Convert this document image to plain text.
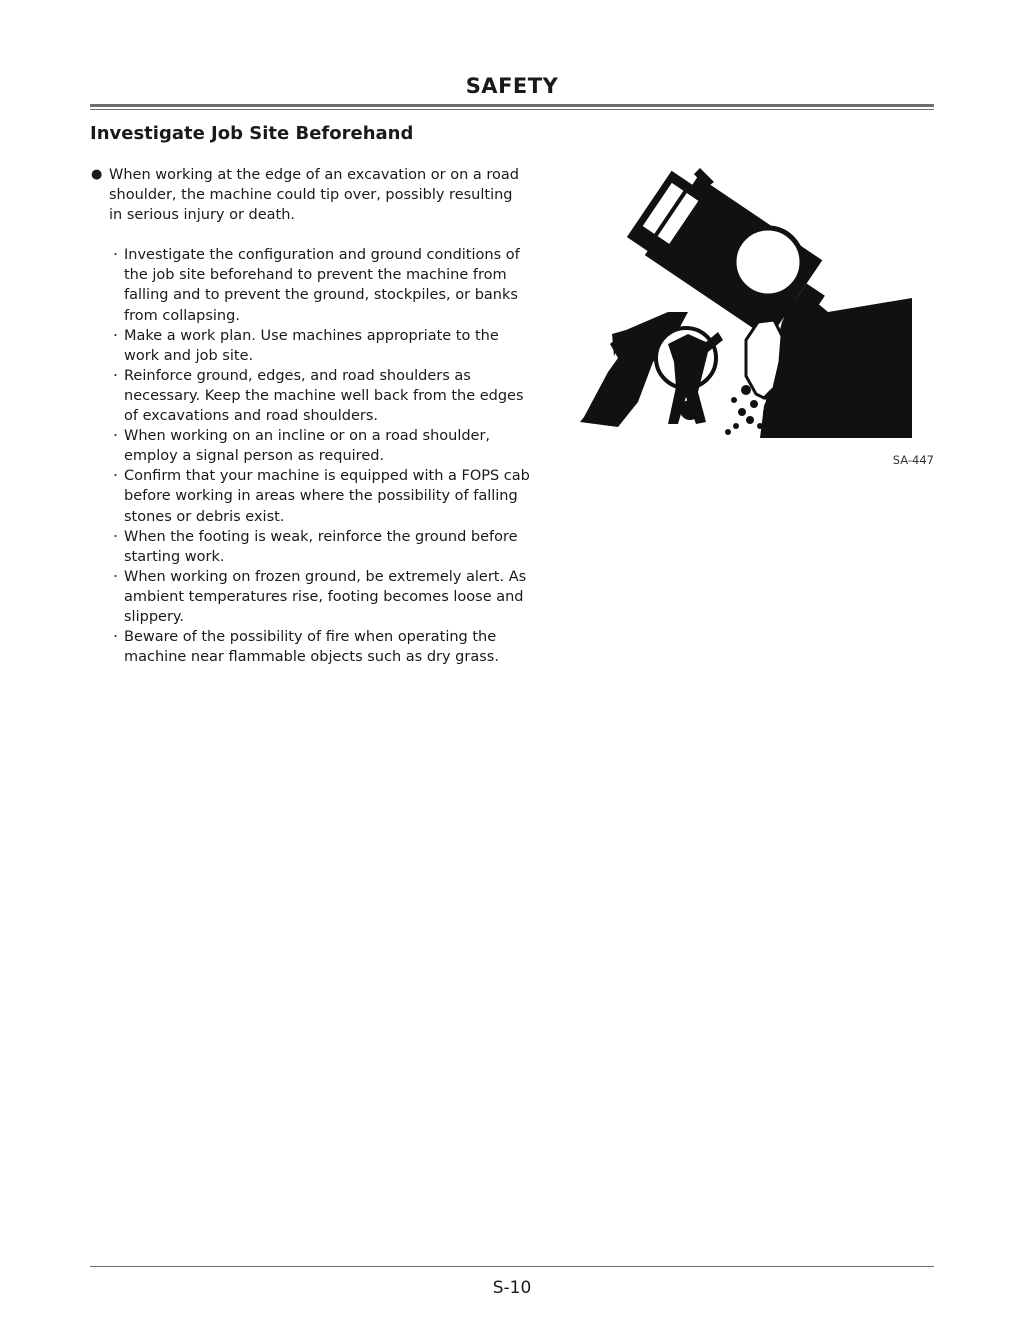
SAFETY
Investigate Job Site Beforehand

● When working at the edge of an excavation or on a road shoulder, the machine could tip over, possibly resulting in serious injury or death.

・ Investigate the configuration and ground conditions of the job site beforehand to prevent the machine from falling and to prevent the ground, stockpiles, or banks from collapsing.
・ Make a work plan. Use machines appropriate to the work and job site.
・ Reinforce ground, edges, and road shoulders as necessary. Keep the machine well back from the edges of excavations and road shoulders.
・ When working on an incline or on a road shoulder, employ a signal person as required.
・ Confirm that your machine is equipped with a FOPS cab before working in areas where the possibility of falling stones or debris exist.
・ When the footing is weak, reinforce the ground before starting work.
・ When working on frozen ground, be extremely alert. As ambient temperatures rise, footing becomes loose and slippery.
・ Beware of the possibility of fire when operating the machine near flammable objects such as dry grass.
SA-447
S-10
